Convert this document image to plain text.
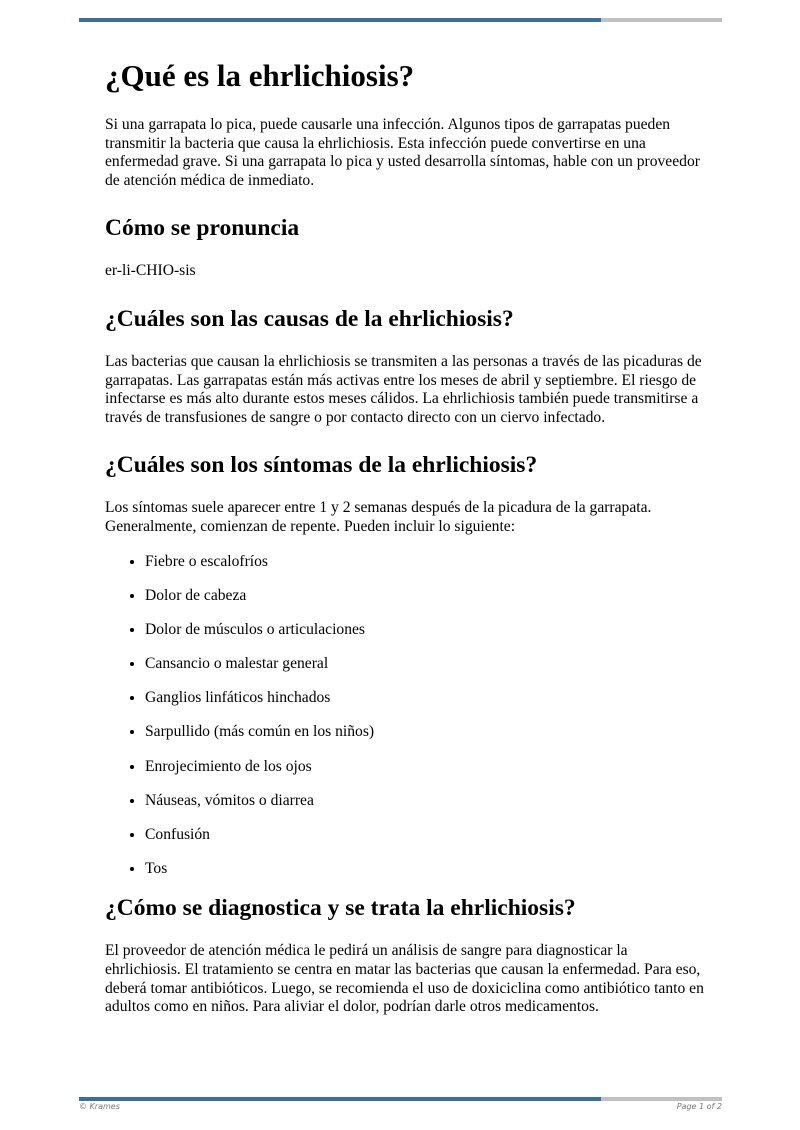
¿Qué es la ehrlichiosis?

Si una garrapata lo pica, puede causarle una infección. Algunos tipos de garrapatas pueden transmitir la bacteria que causa la ehrlichiosis. Esta infección puede convertirse en una enfermedad grave. Si una garrapata lo pica y usted desarrolla síntomas, hable con un proveedor de atención médica de inmediato.

Cómo se pronuncia

er-li-CHIO-sis

¿Cuáles son las causas de la ehrlichiosis?

Las bacterias que causan la ehrlichiosis se transmiten a las personas a través de las picaduras de garrapatas. Las garrapatas están más activas entre los meses de abril y septiembre. El riesgo de infectarse es más alto durante estos meses cálidos. La ehrlichiosis también puede transmitirse a través de transfusiones de sangre o por contacto directo con un ciervo infectado.

¿Cuáles son los síntomas de la ehrlichiosis?

Los síntomas suele aparecer entre 1 y 2 semanas después de la picadura de la garrapata. Generalmente, comienzan de repente. Pueden incluir lo siguiente:

• Fiebre o escalofríos
• Dolor de cabeza
• Dolor de músculos o articulaciones
• Cansancio o malestar general
• Ganglios linfáticos hinchados
• Sarpullido (más común en los niños)
• Enrojecimiento de los ojos
• Náuseas, vómitos o diarrea
• Confusión
• Tos
¿Cómo se diagnostica y se trata la ehrlichiosis?

El proveedor de atención médica le pedirá un análisis de sangre para diagnosticar la ehrlichiosis. El tratamiento se centra en matar las bacterias que causan la enfermedad. Para eso, deberá tomar antibióticos. Luego, se recomienda el uso de doxiciclina como antibiótico tanto en adultos como en niños. Para aliviar el dolor, podrían darle otros medicamentos.

© Krames	Page 1 of 2
